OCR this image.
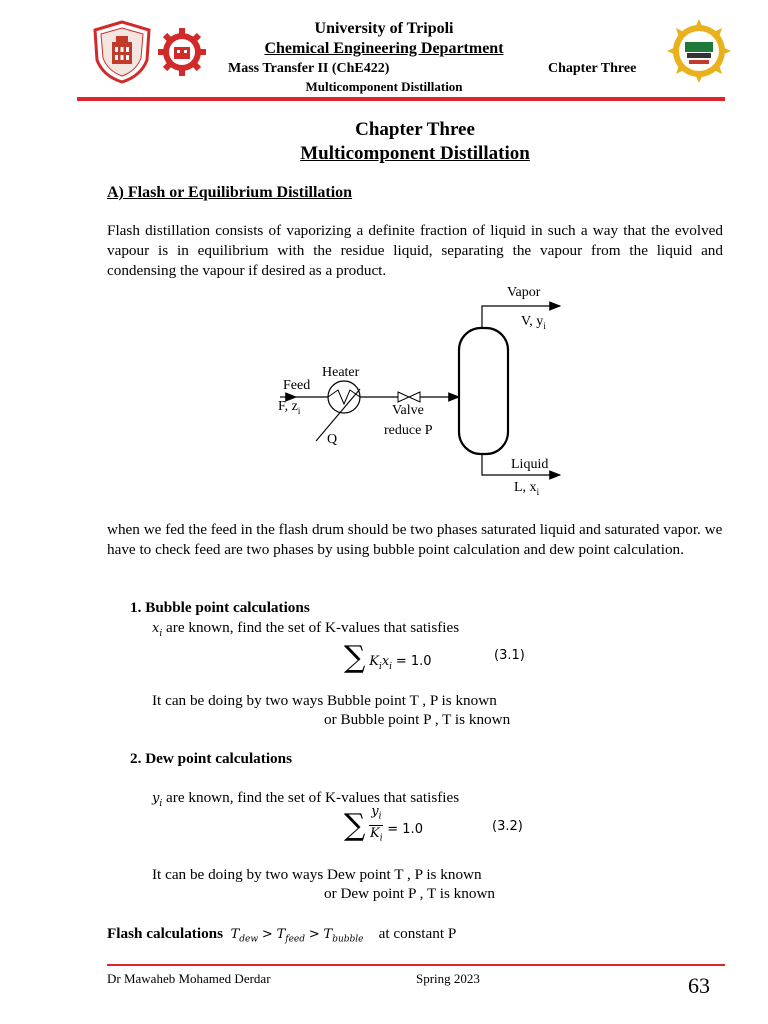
University of Tripoli
Chemical Engineering Department
Mass Transfer II (ChE422)	Chapter Three
Multicomponent Distillation
Chapter Three
Multicomponent Distillation
A) Flash or Equilibrium Distillation
Flash distillation consists of vaporizing a definite fraction of liquid in such a way that the evolved vapour is in equilibrium with the residue liquid, separating the vapour from the liquid and condensing the vapour if desired as a product.
Vapor
V, $y_i$
Heater
Feed
F, $z_i$	Valve
reduce P
Q
Liquid
L, $x_i$
when we fed the feed in the flash drum should be two phases saturated liquid and saturated vapor. we have to check feed are two phases by using bubble point calculation and dew point calculation.
1. Bubble point calculations
$x_i$ are known, find the set of K-values that satisfies
∑ $K_ix_i = 1.0$	(3.1)
It can be doing by two ways Bubble point T , P is known
or Bubble point P , T is known
2. Dew point calculations
$y_i$ are known, find the set of K-values that satisfies
∑ $\frac{y_i}{K_i} = 1.0$	(3.2)
It can be doing by two ways Dew point T , P is known
or Dew point P , T is known
Flash calculations $T_{dew} > T_{feed} > T_{bubble}$ at constant P
Dr Mawaheb Mohamed Derdar	Spring 2023	63
